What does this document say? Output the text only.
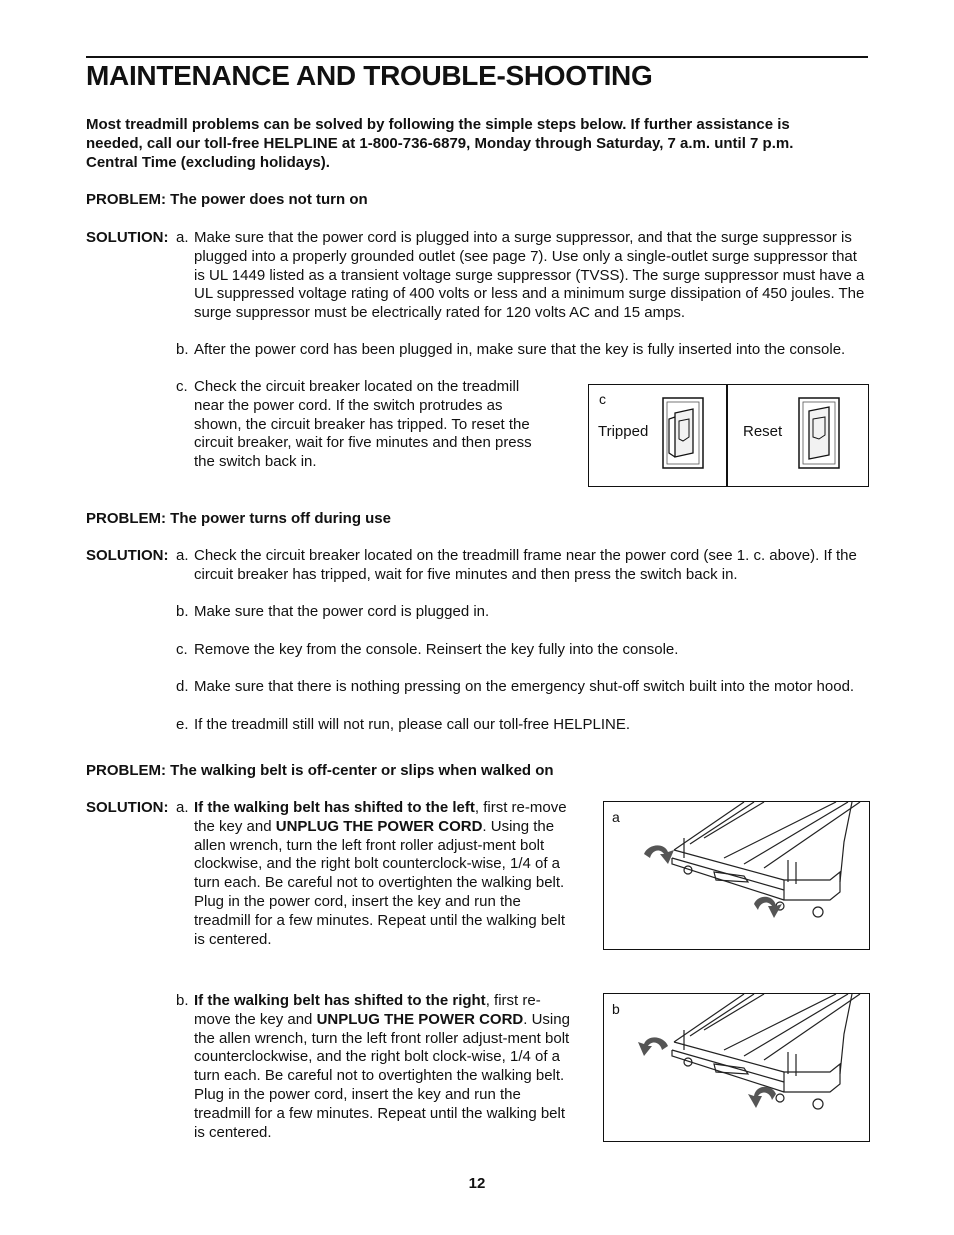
MAINTENANCE AND TROUBLE-SHOOTING
Most treadmill problems can be solved by following the simple steps below. If further assistance is needed, call our toll-free HELPLINE at 1-800-736-6879, Monday through Saturday, 7 a.m. until 7 p.m. Central Time (excluding holidays).
PROBLEM: The power does not turn on
SOLUTION: a. Make sure that the power cord is plugged into a surge suppressor, and that the surge suppressor is plugged into a properly grounded outlet (see page 7). Use only a single-outlet surge suppressor that is UL 1449 listed as a transient voltage surge suppressor (TVSS). The surge suppressor must have a UL suppressed voltage rating of 400 volts or less and a minimum surge dissipation of 450 joules. The surge suppressor must be electrically rated for 120 volts AC and 15 amps.
b. After the power cord has been plugged in, make sure that the key is fully inserted into the console.
c. Check the circuit breaker located on the treadmill near the power cord. If the switch protrudes as shown, the circuit breaker has tripped. To reset the circuit breaker, wait for five minutes and then press the switch back in.
c
Tripped	Reset
PROBLEM: The power turns off during use
SOLUTION: a. Check the circuit breaker located on the treadmill frame near the power cord (see 1. c. above). If the circuit breaker has tripped, wait for five minutes and then press the switch back in.
b. Make sure that the power cord is plugged in.
c. Remove the key from the console. Reinsert the key fully into the console.
d. Make sure that there is nothing pressing on the emergency shut-off switch built into the motor hood.
e. If the treadmill still will not run, please call our toll-free HELPLINE.
PROBLEM: The walking belt is off-center or slips when walked on
SOLUTION: a. If the walking belt has shifted to the left, first re-move the key and UNPLUG THE POWER CORD. Using the allen wrench, turn the left front roller adjust-ment bolt clockwise, and the right bolt counterclock-wise, 1/4 of a turn each. Be careful not to overtighten the walking belt. Plug in the power cord, insert the key and run the treadmill for a few minutes. Repeat until the walking belt is centered.
b. If the walking belt has shifted to the right, first re-move the key and UNPLUG THE POWER CORD. Using the allen wrench, turn the left front roller adjust-ment bolt counterclockwise, and the right bolt clock-wise, 1/4 of a turn each. Be careful not to overtighten the walking belt. Plug in the power cord, insert the key and run the treadmill for a few minutes. Repeat until the walking belt is centered.
a
b
12
